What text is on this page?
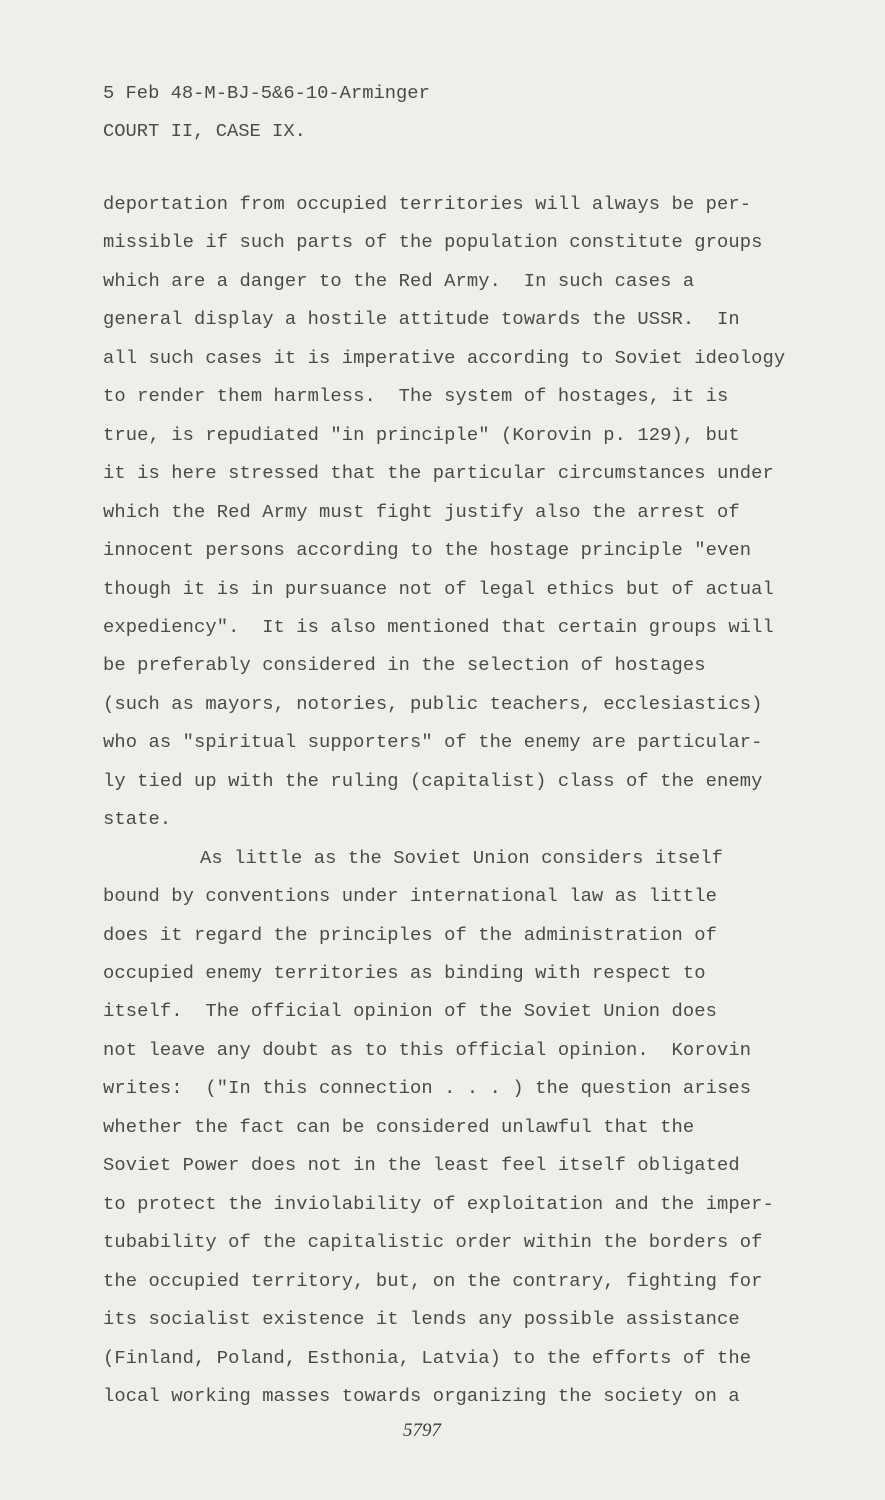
5 Feb 48-M-BJ-5&6-10-Arminger
COURT II, CASE IX.
deportation from occupied territories will always be per-
missible if such parts of the population constitute groups
which are a danger to the Red Army.  In such cases a
general display a hostile attitude towards the USSR.  In
all such cases it is imperative according to Soviet ideology
to render them harmless.  The system of hostages, it is
true, is repudiated "in principle" (Korovin p. 129), but
it is here stressed that the particular circumstances under
which the Red Army must fight justify also the arrest of
innocent persons according to the hostage principle "even
though it is in pursuance not of legal ethics but of actual
expediency".  It is also mentioned that certain groups will
be preferably considered in the selection of hostages
(such as mayors, notories, public teachers, ecclesiastics)
who as "spiritual supporters" of the enemy are particular-
ly tied up with the ruling (capitalist) class of the enemy
state.
As little as the Soviet Union considers itself
bound by conventions under international law as little
does it regard the principles of the administration of
occupied enemy territories as binding with respect to
itself.  The official opinion of the Soviet Union does
not leave any doubt as to this official opinion.  Korovin
writes:  ("In this connection . . . ) the question arises
whether the fact can be considered unlawful that the
Soviet Power does not in the least feel itself obligated
to protect the inviolability of exploitation and the imper-
tubability of the capitalistic order within the borders of
the occupied territory, but, on the contrary, fighting for
its socialist existence it lends any possible assistance
(Finland, Poland, Esthonia, Latvia) to the efforts of the
local working masses towards organizing the society on a
5797
